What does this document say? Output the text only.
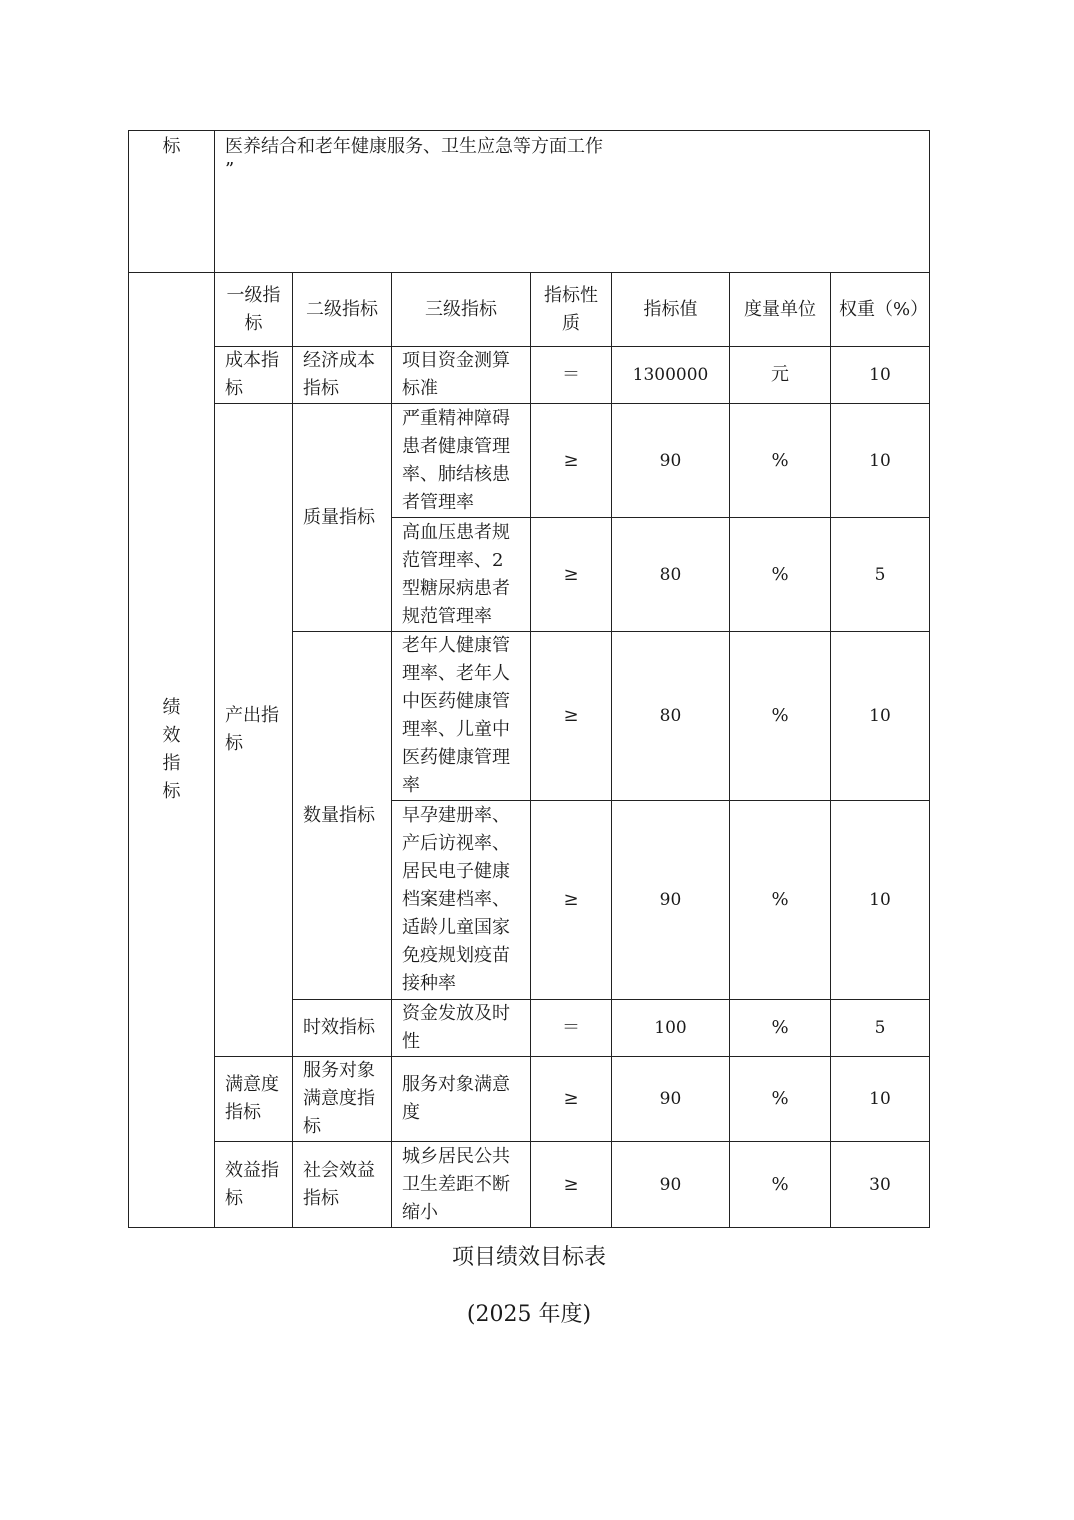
标	医养结合和老年健康服务、卫生应急等方面工作
”						

绩效指标	一级指标	二级指标	三级指标	指标性质	指标值	度量单位	权重（%）
	成本指标	经济成本指标	项目资金测算标准	＝	1300000	元	10
	产出指标	质量指标	严重精神障碍患者健康管理率、肺结核患者管理率	≥	90	%	10
			高血压患者规范管理率、2型糖尿病患者规范管理率	≥	80	%	5
		数量指标	老年人健康管理率、老年人中医药健康管理率、儿童中医药健康管理率	≥	80	%	10
			早孕建册率、产后访视率、居民电子健康档案建档率、适龄儿童国家免疫规划疫苗接种率	≥	90	%	10
		时效指标	资金发放及时性	＝	100	%	5
	满意度指标	服务对象满意度指标	服务对象满意度	≥	90	%	10
	效益指标	社会效益指标	城乡居民公共卫生差距不断缩小	≥	90	%	30
项目绩效目标表
(2025 年度)
